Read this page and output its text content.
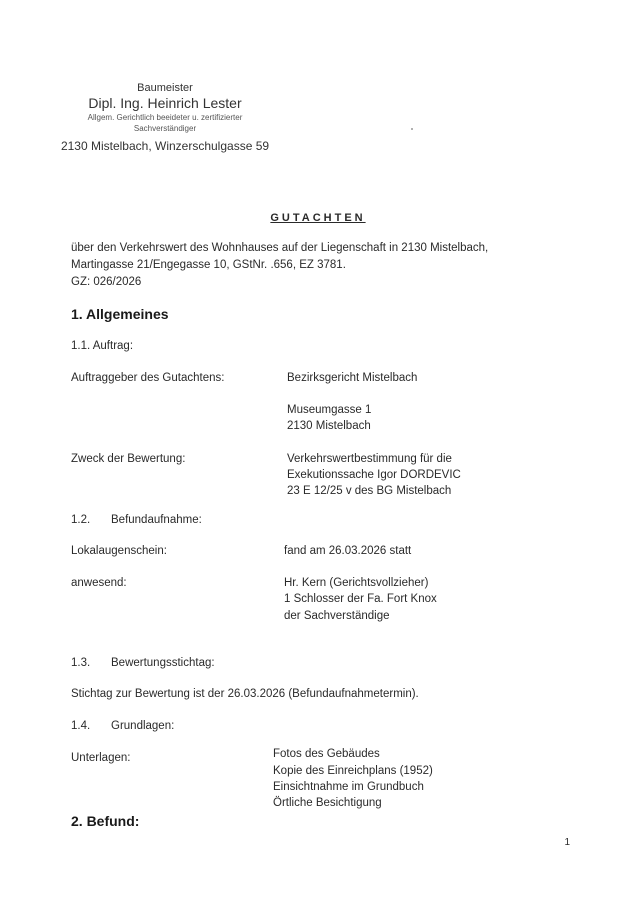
Baumeister
Dipl. Ing. Heinrich Lester
Allgem. Gerichtlich beeideter u. zertifizierter
Sachverständiger
2130 Mistelbach, Winzerschulgasse 59
GUTACHTEN
über den Verkehrswert des Wohnhauses auf der Liegenschaft in 2130 Mistelbach,
Martingasse 21/Engegasse 10, GStNr. .656, EZ 3781.
GZ: 026/2026
1. Allgemeines
1.1. Auftrag:
Auftraggeber des Gutachtens:	Bezirksgericht Mistelbach
Museumgasse 1
2130 Mistelbach
Zweck der Bewertung:	Verkehrswertbestimmung für die
Exekutionssache Igor DORDEVIC
23 E 12/25 v des BG Mistelbach
1.2. Befundaufnahme:
Lokalaugenschein:	fand am 26.03.2026 statt
anwesend:	Hr. Kern (Gerichtsvollzieher)
1 Schlosser der Fa. Fort Knox
der Sachverständige
1.3. Bewertungsstichtag:
Stichtag zur Bewertung ist der 26.03.2026 (Befundaufnahmetermin).
1.4. Grundlagen:
Unterlagen:	Fotos des Gebäudes
Kopie des Einreichplans (1952)
Einsichtnahme im Grundbuch
Örtliche Besichtigung
2. Befund:
1
